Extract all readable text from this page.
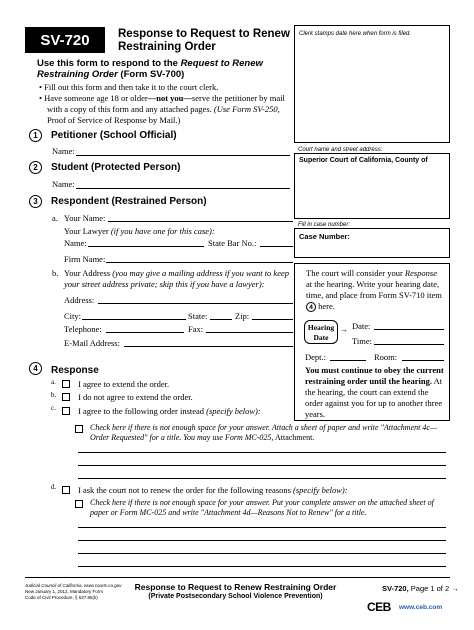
SV-720 Response to Request to Renew
Restraining Order
Clerk stamps date here when form is filed.
Use this form to respond to the Request to Renew Restraining Order (Form SV-700)
• Fill out this form and then take it to the court clerk.
• Have someone age 18 or older—not you—serve the petitioner by mail with a copy of this form and any attached pages. (Use Form SV-250, Proof of Service of Response by Mail.)
Court name and street address:
Superior Court of California, County of
Fill in case number:
Case Number:
1	Petitioner (School Official)
Name:
2	Student (Protected Person)
Name:
3	Respondent (Restrained Person)
a. Your Name:
Your Lawyer (if you have one for this case):
Name:	State Bar No.:
Firm Name:
b. Your Address (you may give a mailing address if you want to keep your street address private; skip this if you have a lawyer):
Address:
City:	State:	Zip:
Telephone:	Fax:
E-Mail Address:
The court will consider your Response at the hearing. Write your hearing date, time, and place from Form SV-710 item 4 here.
Hearing
Date
→ Date:
Time:
Dept.:	Room:
You must continue to obey the current restraining order until the hearing. At the hearing, the court can extend the order against you for up to another three years.
4	Response
a.	I agree to extend the order.
b.	I do not agree to extend the order.
c.	I agree to the following order instead (specify below):
Check here if there is not enough space for your answer. Attach a sheet of paper and write "Attachment 4c—Order Requested" for a title. You may use Form MC-025, Attachment.
d.	I ask the court not to renew the order for the following reasons (specify below):
Check here if there is not enough space for your answer. Put your complete answer on the attached sheet of paper or Form MC-025 and write "Attachment 4d—Reasons Not to Renew" for a title.
Judicial Council of California, www.courts.ca.gov
New January 1, 2012, Mandatory Form
Code of Civil Procedure, § 527.85(k)
Response to Request to Renew Restraining Order
(Private Postsecondary School Violence Prevention)
SV-720, Page 1 of 2 →
CEB www.ceb.com
